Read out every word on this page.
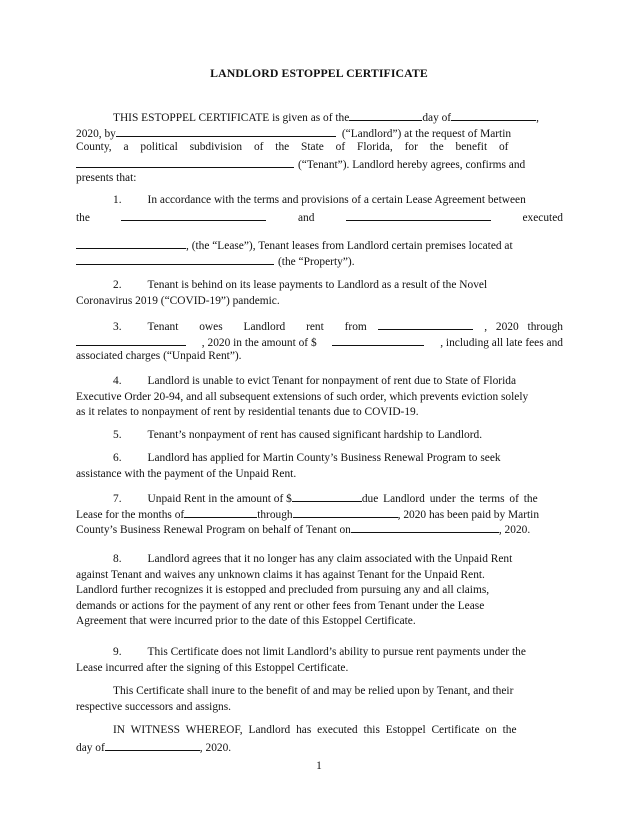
LANDLORD ESTOPPEL CERTIFICATE
THIS ESTOPPEL CERTIFICATE is given as of the	day of	,
2020, by	(“Landlord”) at the request of Martin
County, a political subdivision of the State of Florida, for the benefit of
(“Tenant”). Landlord hereby agrees, confirms and
presents that:
1. In accordance with the terms and provisions of a certain Lease Agreement between
the	and	executed
, (the “Lease”), Tenant leases from Landlord certain premises located at
(the “Property”).
2. Tenant is behind on its lease payments to Landlord as a result of the Novel
Coronavirus 2019 (“COVID-19”) pandemic.
3. Tenant owes Landlord rent from	, 2020 through
, 2020 in the amount of $	, including all late fees and
associated charges (“Unpaid Rent”).
4. Landlord is unable to evict Tenant for nonpayment of rent due to State of Florida
Executive Order 20-94, and all subsequent extensions of such order, which prevents eviction solely
as it relates to nonpayment of rent by residential tenants due to COVID-19.
5. Tenant’s nonpayment of rent has caused significant hardship to Landlord.
6. Landlord has applied for Martin County’s Business Renewal Program to seek
assistance with the payment of the Unpaid Rent.
7. Unpaid Rent in the amount of $	due Landlord under the terms of the
Lease for the months of	through	, 2020 has been paid by Martin
County’s Business Renewal Program on behalf of Tenant on	, 2020.
8. Landlord agrees that it no longer has any claim associated with the Unpaid Rent
against Tenant and waives any unknown claims it has against Tenant for the Unpaid Rent.
Landlord further recognizes it is estopped and precluded from pursuing any and all claims,
demands or actions for the payment of any rent or other fees from Tenant under the Lease
Agreement that were incurred prior to the date of this Estoppel Certificate.
9. This Certificate does not limit Landlord’s ability to pursue rent payments under the
Lease incurred after the signing of this Estoppel Certificate.
This Certificate shall inure to the benefit of and may be relied upon by Tenant, and their
respective successors and assigns.
IN WITNESS WHEREOF, Landlord has executed this Estoppel Certificate on the
day of	, 2020.
1
